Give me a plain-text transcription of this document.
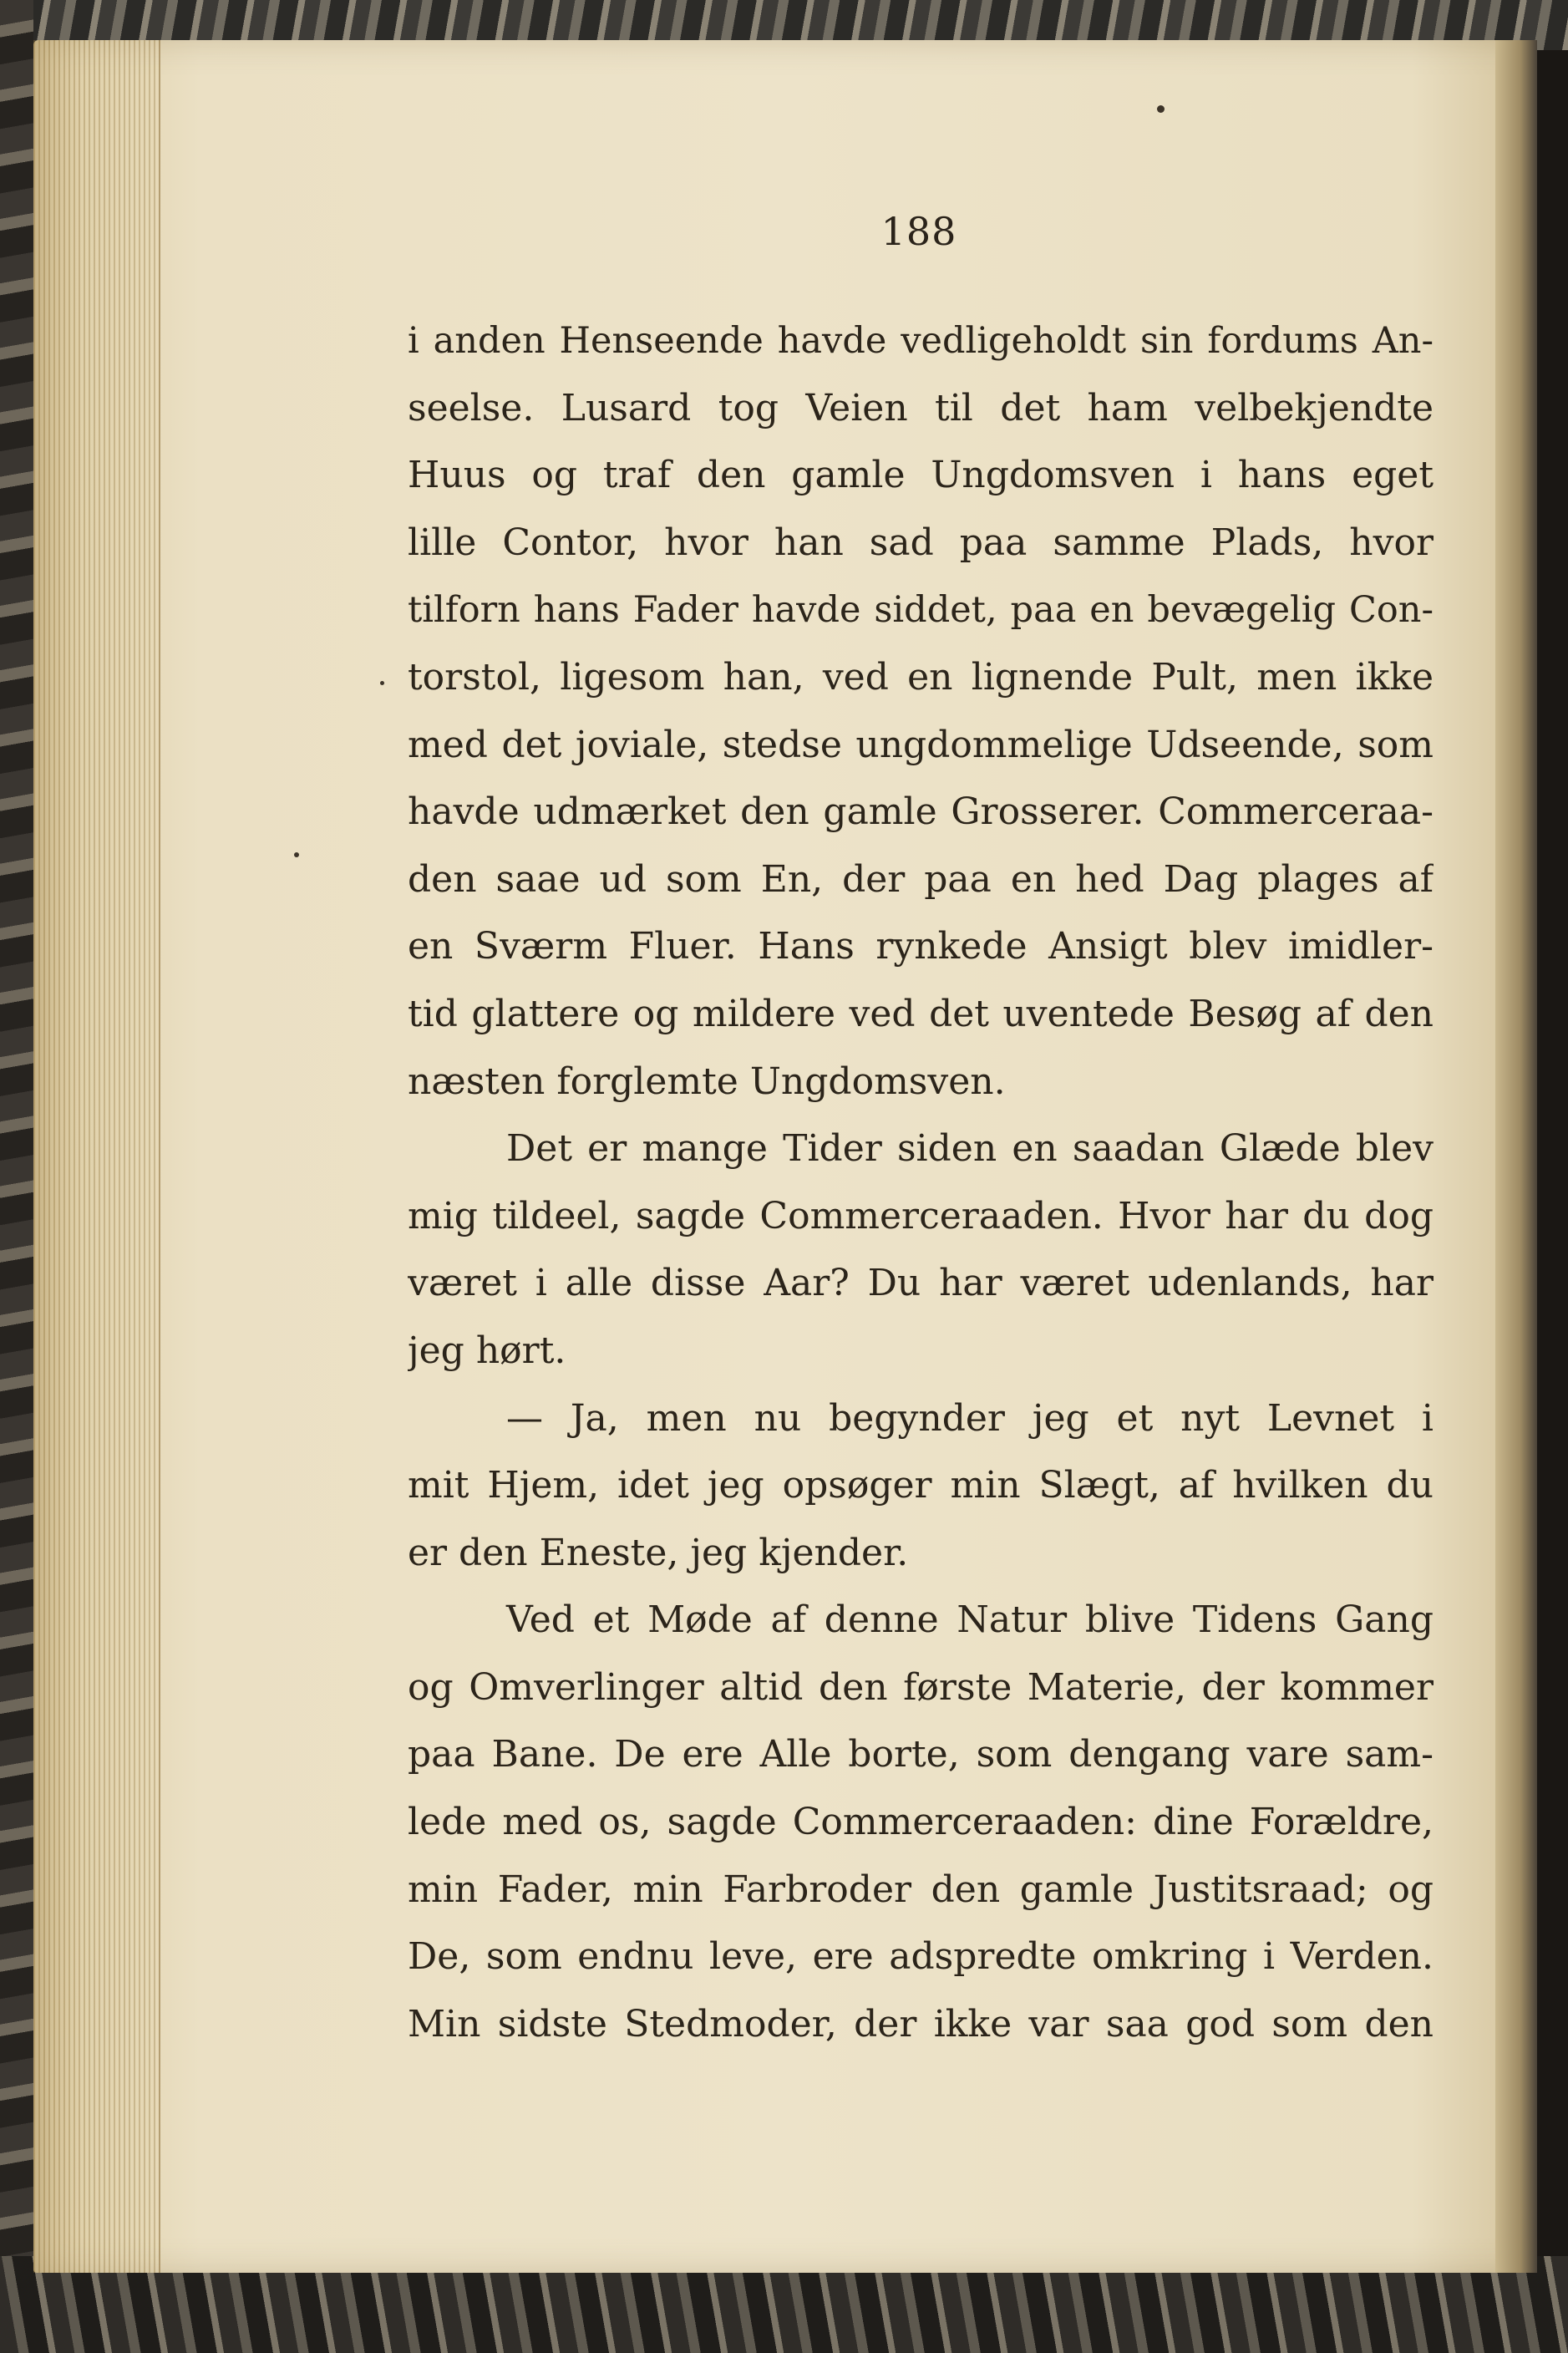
188

i anden Henseende havde vedligeholdt sin fordums An-
seelse. Lusard tog Veien til det ham velbekjendte
Huus og traf den gamle Ungdomsven i hans eget
lille Contor, hvor han sad paa samme Plads, hvor
tilforn hans Fader havde siddet, paa en bevægelig Con-
torstol, ligesom han, ved en lignende Pult, men ikke
med det joviale, stedse ungdommelige Udseende, som
havde udmærket den gamle Grosserer. Commerceraa-
den saae ud som En, der paa en hed Dag plages af
en Sværm Fluer. Hans rynkede Ansigt blev imidler-
tid glattere og mildere ved det uventede Besøg af den
næsten forglemte Ungdomsven.

Det er mange Tider siden en saadan Glæde blev
mig tildeel, sagde Commerceraaden. Hvor har du dog
været i alle disse Aar? Du har været udenlands, har
jeg hørt.

— Ja, men nu begynder jeg et nyt Levnet i
mit Hjem, idet jeg opsøger min Slægt, af hvilken du
er den Eneste, jeg kjender.

Ved et Møde af denne Natur blive Tidens Gang
og Omverlinger altid den første Materie, der kommer
paa Bane. De ere Alle borte, som dengang vare sam-
lede med os, sagde Commerceraaden: dine Forældre,
min Fader, min Farbroder den gamle Justitsraad; og
De, som endnu leve, ere adspredte omkring i Verden.
Min sidste Stedmoder, der ikke var saa god som den
